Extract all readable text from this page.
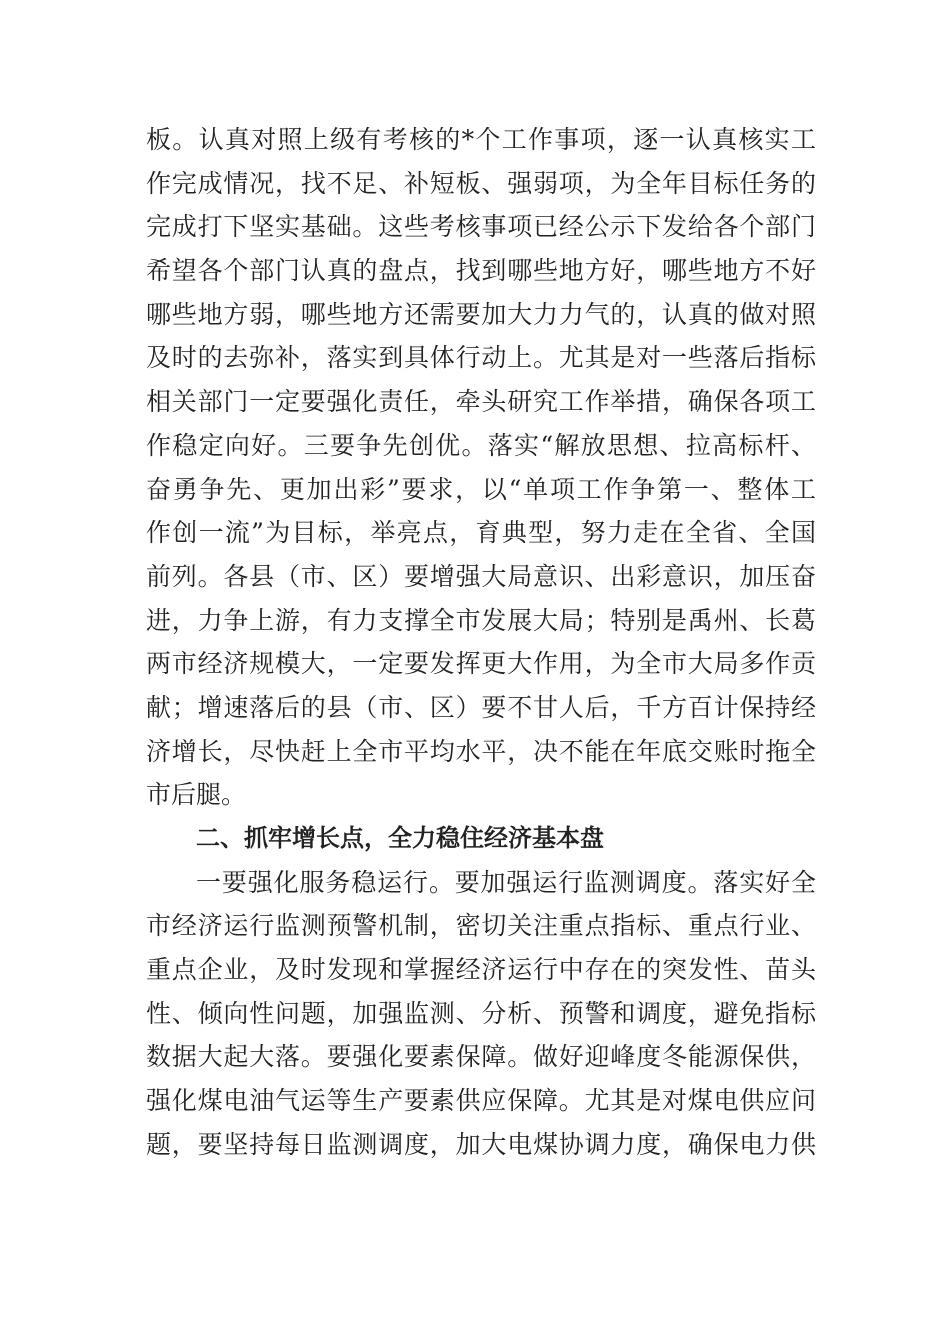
板。认真对照上级有考核的*个工作事项，逐一认真核实工
作完成情况，找不足、补短板、强弱项，为全年目标任务的
完成打下坚实基础。这些考核事项已经公示下发给各个部门
希望各个部门认真的盘点，找到哪些地方好，哪些地方不好
哪些地方弱，哪些地方还需要加大力力气的，认真的做对照
及时的去弥补，落实到具体行动上。尤其是对一些落后指标
相关部门一定要强化责任，牵头研究工作举措，确保各项工
作稳定向好。三要争先创优。落实“解放思想、拉高标杆、
奋勇争先、更加出彩”要求，以“单项工作争第一、整体工
作创一流”为目标，举亮点，育典型，努力走在全省、全国
前列。各县（市、区）要增强大局意识、出彩意识，加压奋
进，力争上游，有力支撑全市发展大局；特别是禹州、长葛
两市经济规模大，一定要发挥更大作用，为全市大局多作贡
献；增速落后的县（市、区）要不甘人后，千方百计保持经
济增长，尽快赶上全市平均水平，决不能在年底交账时拖全
市后腿。
二、抓牢增长点，全力稳住经济基本盘
一要强化服务稳运行。要加强运行监测调度。落实好全
市经济运行监测预警机制，密切关注重点指标、重点行业、
重点企业，及时发现和掌握经济运行中存在的突发性、苗头
性、倾向性问题，加强监测、分析、预警和调度，避免指标
数据大起大落。要强化要素保障。做好迎峰度冬能源保供，
强化煤电油气运等生产要素供应保障。尤其是对煤电供应问
题，要坚持每日监测调度，加大电煤协调力度，确保电力供
